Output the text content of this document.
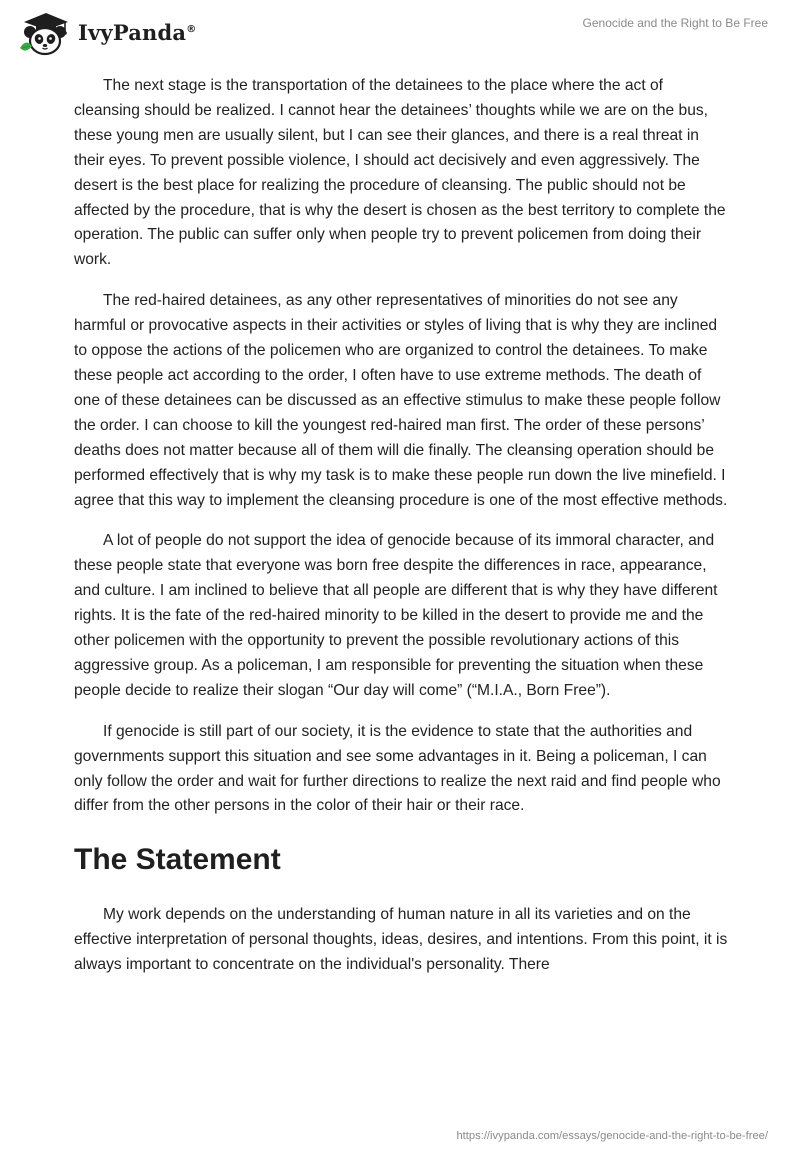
IvyPanda®	Genocide and the Right to Be Free

The next stage is the transportation of the detainees to the place where the act of cleansing should be realized. I cannot hear the detainees’ thoughts while we are on the bus, these young men are usually silent, but I can see their glances, and there is a real threat in their eyes. To prevent possible violence, I should act decisively and even aggressively. The desert is the best place for realizing the procedure of cleansing. The public should not be affected by the procedure, that is why the desert is chosen as the best territory to complete the operation. The public can suffer only when people try to prevent policemen from doing their work.

The red-haired detainees, as any other representatives of minorities do not see any harmful or provocative aspects in their activities or styles of living that is why they are inclined to oppose the actions of the policemen who are organized to control the detainees. To make these people act according to the order, I often have to use extreme methods. The death of one of these detainees can be discussed as an effective stimulus to make these people follow the order. I can choose to kill the youngest red-haired man first. The order of these persons’ deaths does not matter because all of them will die finally. The cleansing operation should be performed effectively that is why my task is to make these people run down the live minefield. I agree that this way to implement the cleansing procedure is one of the most effective methods.

A lot of people do not support the idea of genocide because of its immoral character, and these people state that everyone was born free despite the differences in race, appearance, and culture. I am inclined to believe that all people are different that is why they have different rights. It is the fate of the red-haired minority to be killed in the desert to provide me and the other policemen with the opportunity to prevent the possible revolutionary actions of this aggressive group. As a policeman, I am responsible for preventing the situation when these people decide to realize their slogan “Our day will come” (“M.I.A., Born Free”).

If genocide is still part of our society, it is the evidence to state that the authorities and governments support this situation and see some advantages in it. Being a policeman, I can only follow the order and wait for further directions to realize the next raid and find people who differ from the other persons in the color of their hair or their race.

The Statement

My work depends on the understanding of human nature in all its varieties and on the effective interpretation of personal thoughts, ideas, desires, and intentions. From this point, it is always important to concentrate on the individual's personality. There

https://ivypanda.com/essays/genocide-and-the-right-to-be-free/
